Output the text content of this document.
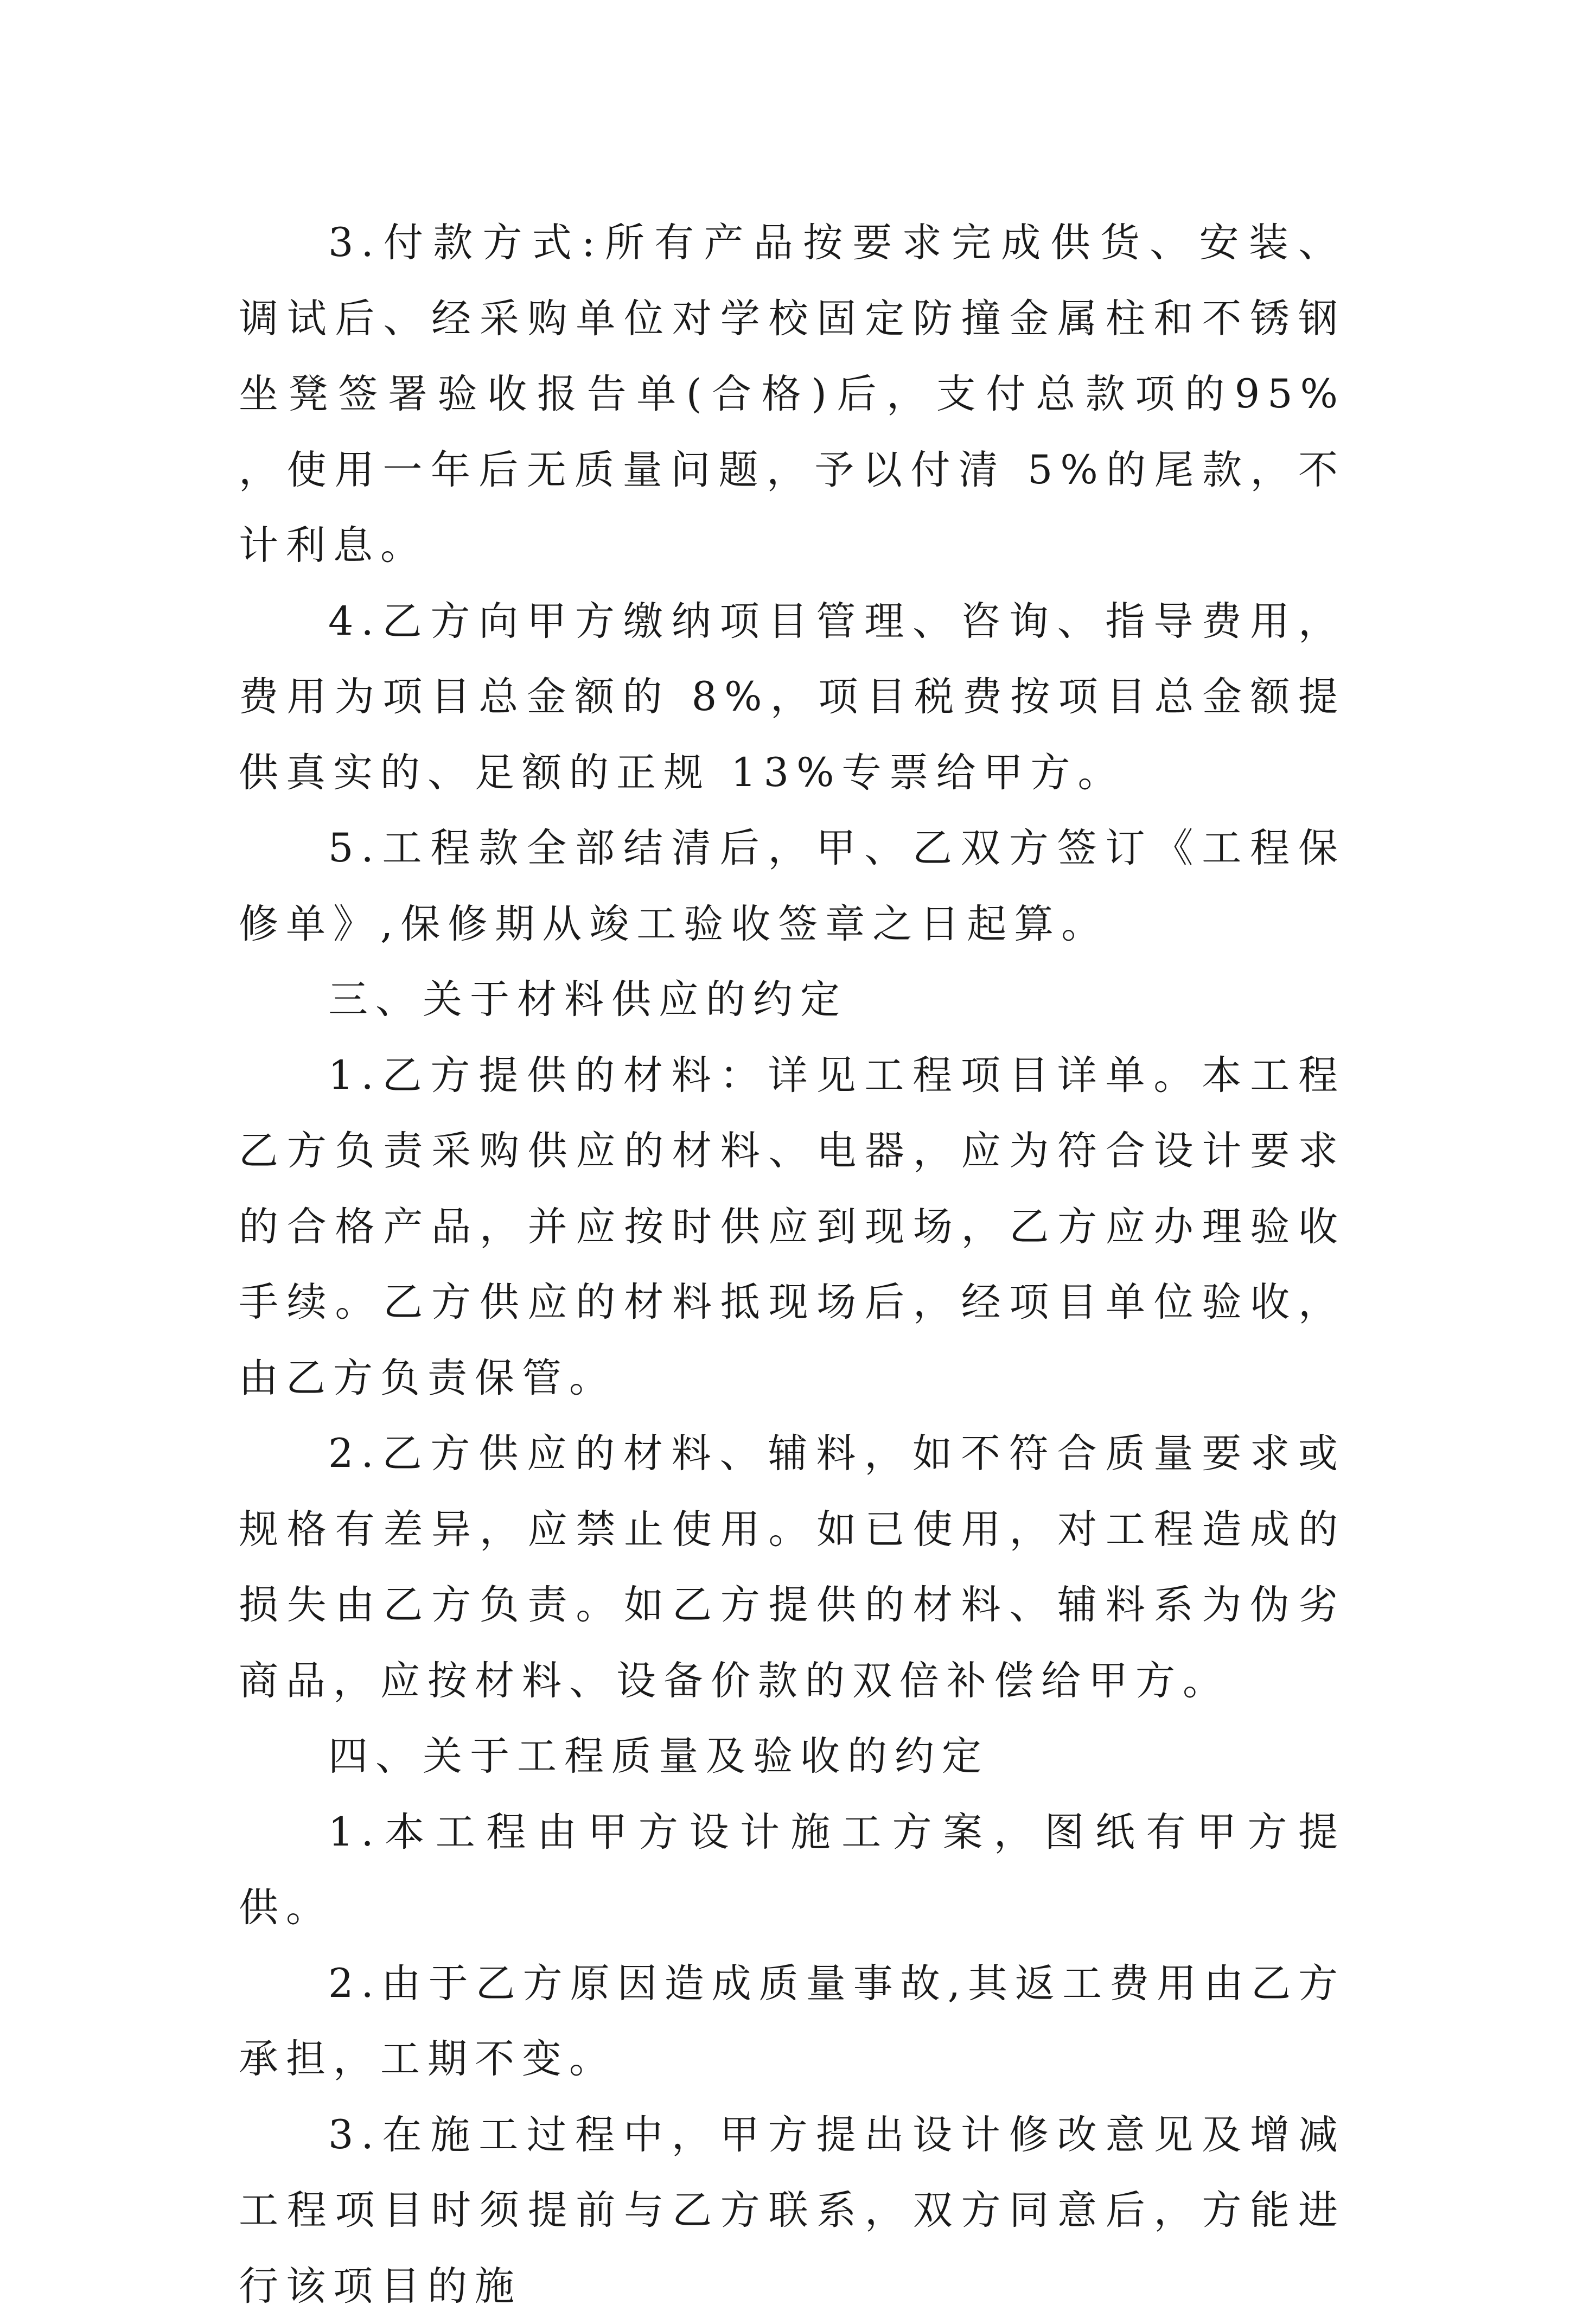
3.付款方式:所有产品按要求完成供货、安装、调试后、经采购单位对学校固定防撞金属柱和不锈钢坐凳签署验收报告单(合格)后，支付总款项的95% ，使用一年后无质量问题，予以付清 5%的尾款，不计利息。

4.乙方向甲方缴纳项目管理、咨询、指导费用，费用为项目总金额的 8%，项目税费按项目总金额提供真实的、足额的正规 13%专票给甲方。

5.工程款全部结清后，甲、乙双方签订《工程保修单》,保修期从竣工验收签章之日起算。

三、关于材料供应的约定

1.乙方提供的材料：详见工程项目详单。本工程乙方负责采购供应的材料、电器，应为符合设计要求的合格产品，并应按时供应到现场，乙方应办理验收手续。乙方供应的材料抵现场后，经项目单位验收，由乙方负责保管。

2.乙方供应的材料、辅料，如不符合质量要求或规格有差异，应禁止使用。如已使用，对工程造成的损失由乙方负责。如乙方提供的材料、辅料系为伪劣商品，应按材料、设备价款的双倍补偿给甲方。

四、关于工程质量及验收的约定

1.本工程由甲方设计施工方案，图纸有甲方提供。

2.由于乙方原因造成质量事故,其返工费用由乙方承担，工期不变。

3.在施工过程中，甲方提出设计修改意见及增减工程项目时须提前与乙方联系，双方同意后，方能进行该项目的施
